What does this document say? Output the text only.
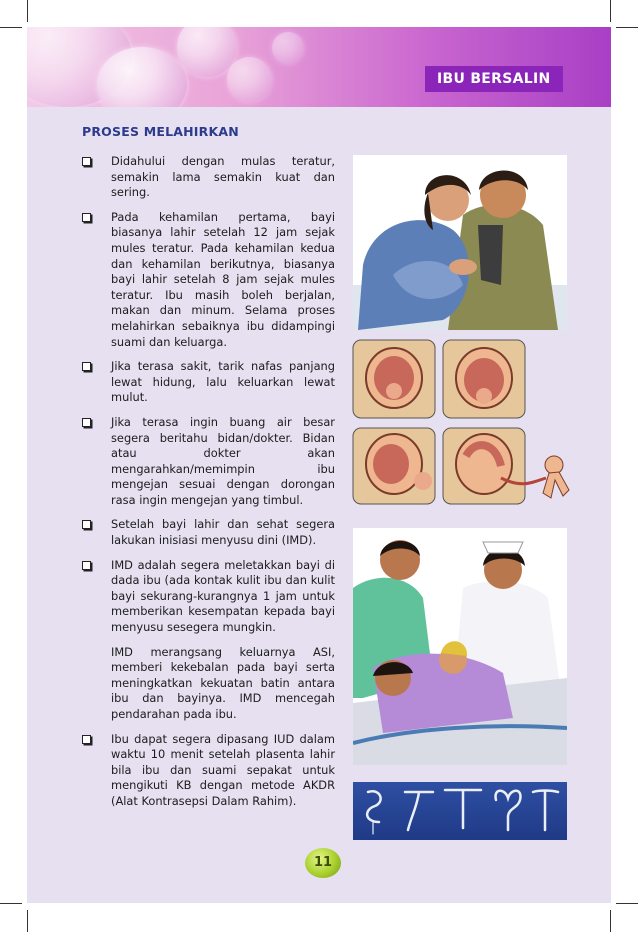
IBU BERSALIN
PROSES MELAHIRKAN
Didahului dengan mulas teratur, semakin lama semakin kuat dan sering.
Pada kehamilan pertama, bayi biasanya lahir setelah 12 jam sejak mules teratur. Pada kehamilan kedua dan kehamilan berikutnya, biasanya bayi lahir setelah 8 jam sejak mules teratur. Ibu masih boleh berjalan, makan dan minum. Selama proses melahirkan sebaiknya ibu didampingi suami dan keluarga.
Jika terasa sakit, tarik nafas panjang lewat hidung, lalu keluarkan lewat mulut.
Jika terasa ingin buang air besar segera beritahu bidan/dokter. Bidan atau dokter akan mengarahkan/memimpin ibu mengejan sesuai dengan dorongan rasa ingin mengejan yang timbul.
Setelah bayi lahir dan sehat segera lakukan inisiasi menyusu dini (IMD).
IMD adalah segera meletakkan bayi di dada ibu (ada kontak kulit ibu dan kulit bayi sekurang-kurangnya 1 jam untuk memberikan kesempatan kepada bayi menyusu sesegera mungkin.
IMD merangsang keluarnya ASI, memberi kekebalan pada bayi serta meningkatkan kekuatan batin antara ibu dan bayinya. IMD mencegah pendarahan pada ibu.
Ibu dapat segera dipasang IUD dalam waktu 10 menit setelah plasenta lahir bila ibu dan suami sepakat untuk mengikuti KB dengan metode AKDR (Alat Kontrasepsi Dalam Rahim).
11
